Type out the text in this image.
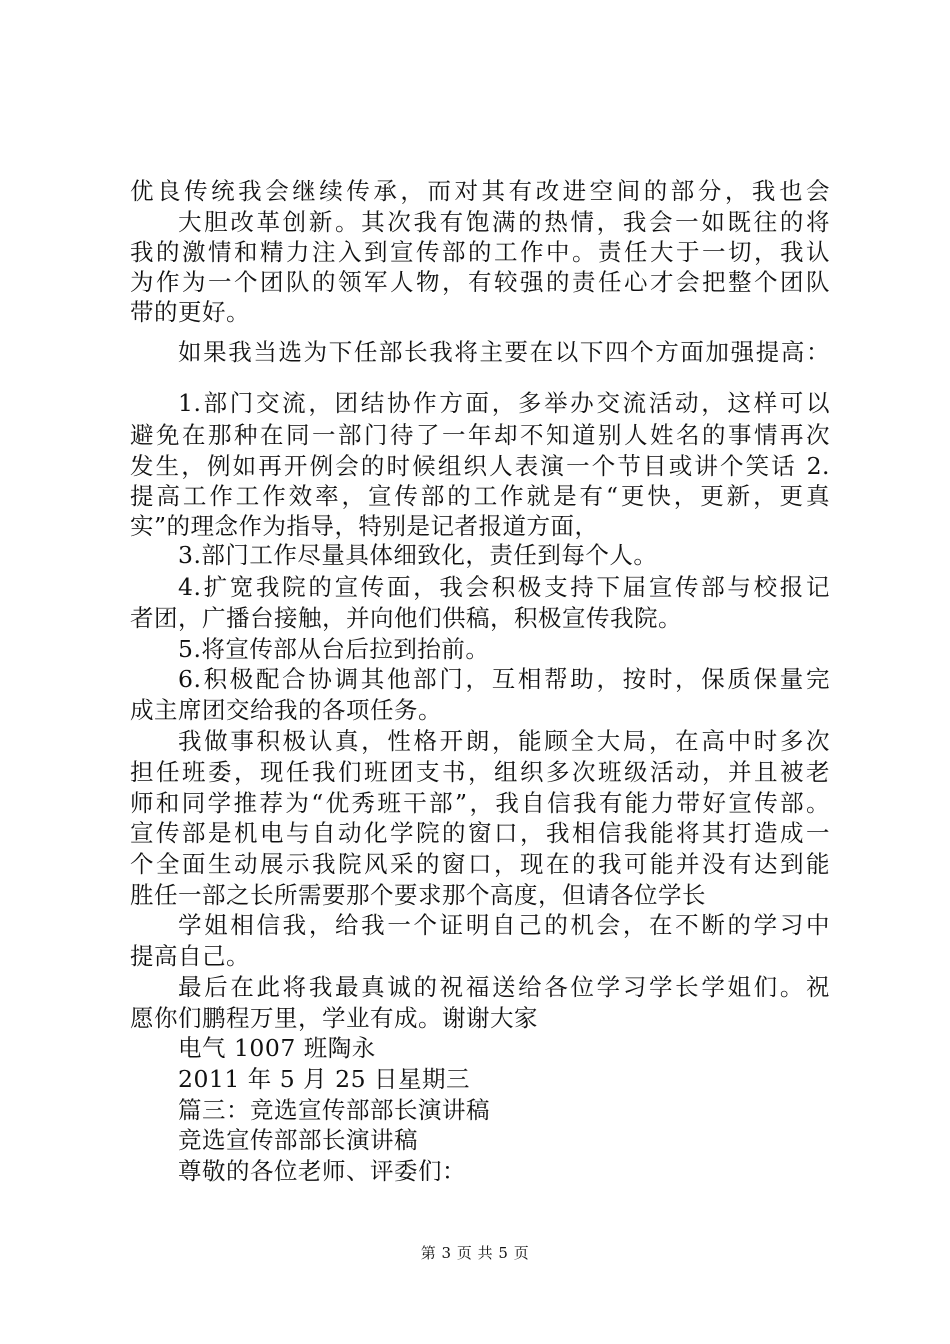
优良传统我会继续传承，而对其有改进空间的部分，我也会
大胆改革创新。其次我有饱满的热情，我会一如既往的将
我的激情和精力注入到宣传部的工作中。责任大于一切，我认
为作为一个团队的领军人物，有较强的责任心才会把整个团队
带的更好。
如果我当选为下任部长我将主要在以下四个方面加强提高：
1.部门交流，团结协作方面，多举办交流活动，这样可以
避免在那种在同一部门待了一年却不知道别人姓名的事情再次
发生，例如再开例会的时候组织人表演一个节目或讲个笑话 2.
提高工作工作效率，宣传部的工作就是有“更快，更新，更真
实”的理念作为指导，特别是记者报道方面，
3.部门工作尽量具体细致化，责任到每个人。
4.扩宽我院的宣传面，我会积极支持下届宣传部与校报记
者团，广播台接触，并向他们供稿，积极宣传我院。
5.将宣传部从台后拉到抬前。
6.积极配合协调其他部门，互相帮助，按时，保质保量完
成主席团交给我的各项任务。
我做事积极认真，性格开朗，能顾全大局，在高中时多次
担任班委，现任我们班团支书，组织多次班级活动，并且被老
师和同学推荐为“优秀班干部”，我自信我有能力带好宣传部。
宣传部是机电与自动化学院的窗口，我相信我能将其打造成一
个全面生动展示我院风采的窗口，现在的我可能并没有达到能
胜任一部之长所需要那个要求那个高度，但请各位学长
学姐相信我，给我一个证明自己的机会，在不断的学习中
提高自己。
最后在此将我最真诚的祝福送给各位学习学长学姐们。祝
愿你们鹏程万里，学业有成。谢谢大家
电气 1007 班陶永
2011 年 5 月 25 日星期三
篇三：竞选宣传部部长演讲稿
竞选宣传部部长演讲稿
尊敬的各位老师、评委们：
第 3 页 共 5 页
